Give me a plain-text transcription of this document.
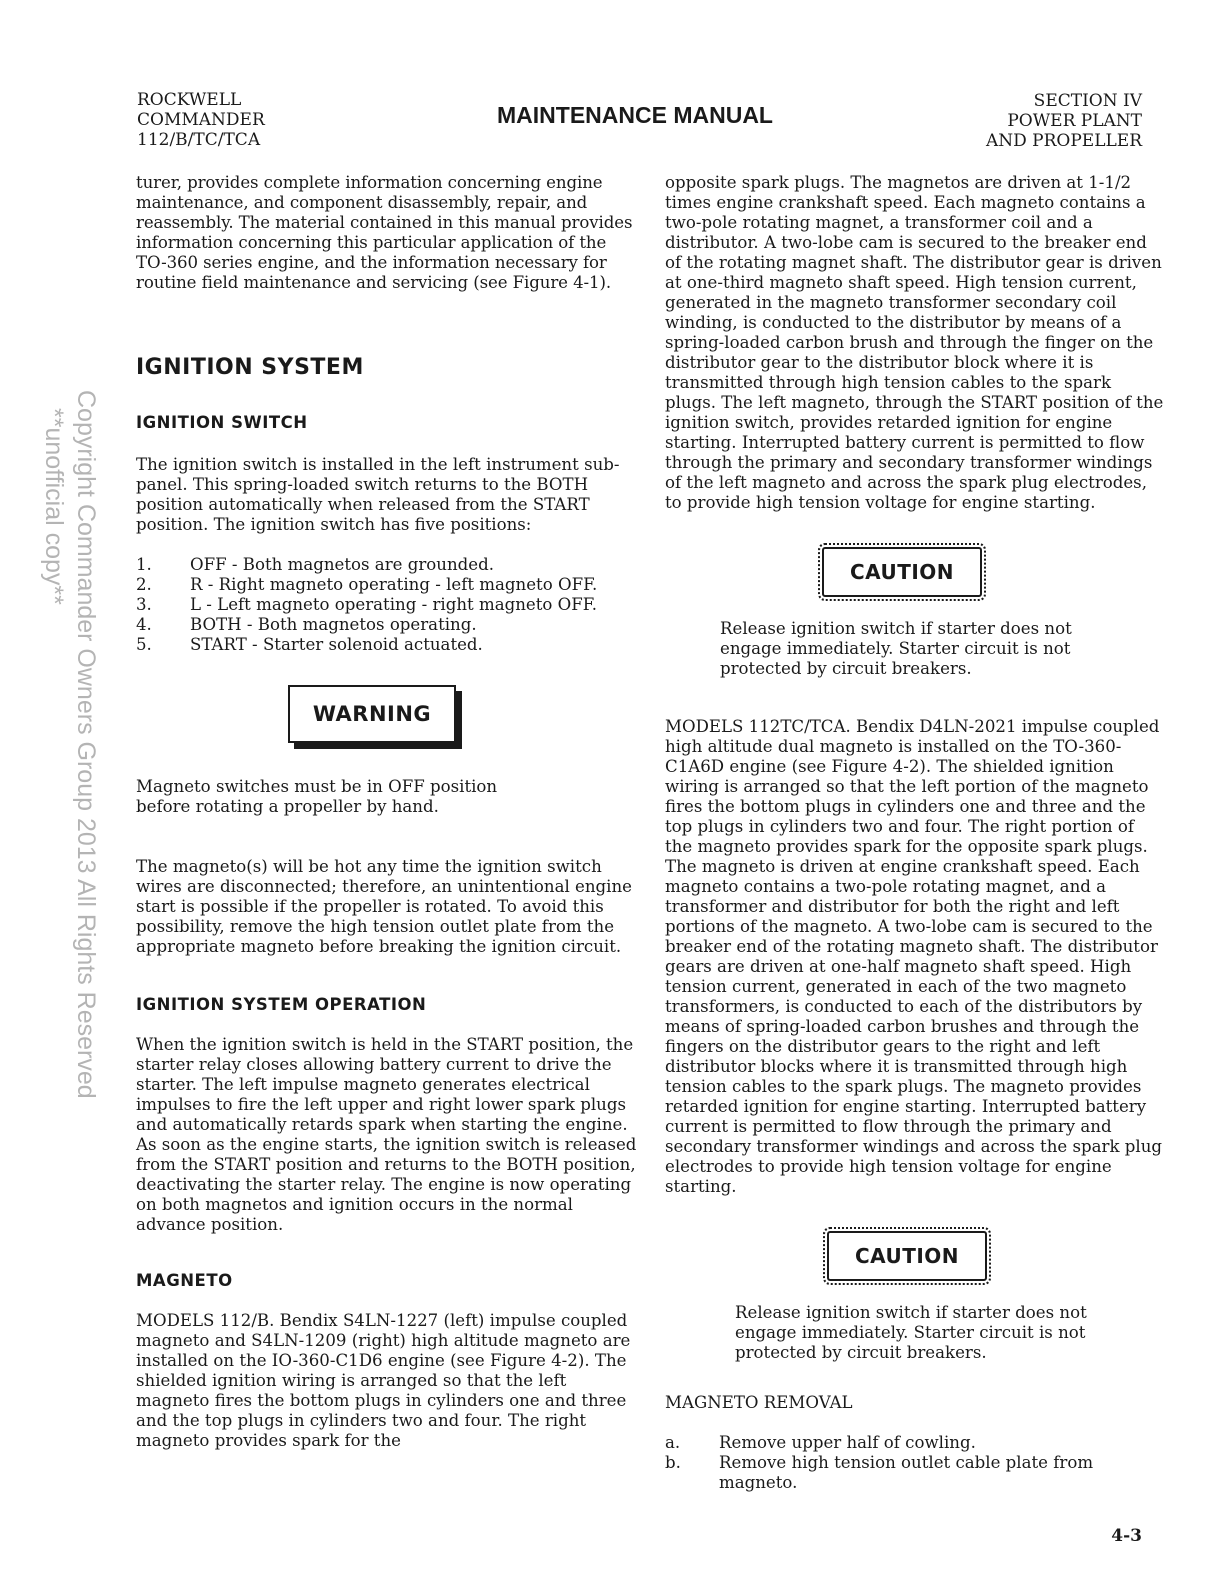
ROCKWELL
COMMANDER
112/B/TC/TCA
MAINTENANCE MANUAL
SECTION IV
POWER PLANT
AND PROPELLER
Copyright Commander Owners Group 2013 All Rights Reserved
**unofficial copy**

turer, provides complete information concerning engine maintenance, and component disassembly, repair, and reassembly. The material contained in this manual provides information concerning this particular application of the TO-360 series engine, and the information necessary for routine field maintenance and servicing (see Figure 4-1).

IGNITION SYSTEM
IGNITION SWITCH

The ignition switch is installed in the left instrument sub-panel. This spring-loaded switch returns to the BOTH position automatically when released from the START position. The ignition switch has five positions:

1.	OFF - Both magnetos are grounded.
2.	R - Right magneto operating - left magneto OFF.
3.	L - Left magneto operating - right magneto OFF.
4.	BOTH - Both magnetos operating.
5.	START - Starter solenoid actuated.
WARNING

Magneto switches must be in OFF position before rotating a propeller by hand.

The magneto(s) will be hot any time the ignition switch wires are disconnected; therefore, an unintentional engine start is possible if the propeller is rotated. To avoid this possibility, remove the high tension outlet plate from the appropriate magneto before breaking the ignition circuit.

IGNITION SYSTEM OPERATION

When the ignition switch is held in the START position, the starter relay closes allowing battery current to drive the starter. The left impulse magneto generates electrical impulses to fire the left upper and right lower spark plugs and automatically retards spark when starting the engine. As soon as the engine starts, the ignition switch is released from the START position and returns to the BOTH position, deactivating the starter relay. The engine is now operating on both magnetos and ignition occurs in the normal advance position.

MAGNETO

MODELS 112/B. Bendix S4LN-1227 (left) impulse coupled magneto and S4LN-1209 (right) high altitude magneto are installed on the IO-360-C1D6 engine (see Figure 4-2). The shielded ignition wiring is arranged so that the left magneto fires the bottom plugs in cylinders one and three and the top plugs in cylinders two and four. The right magneto provides spark for the

opposite spark plugs. The magnetos are driven at 1-1/2 times engine crankshaft speed. Each magneto contains a two-pole rotating magnet, a transformer coil and a distributor. A two-lobe cam is secured to the breaker end of the rotating magnet shaft. The distributor gear is driven at one-third magneto shaft speed. High tension current, generated in the magneto transformer secondary coil winding, is conducted to the distributor by means of a spring-loaded carbon brush and through the finger on the distributor gear to the distributor block where it is transmitted through high tension cables to the spark plugs. The left magneto, through the START position of the ignition switch, provides retarded ignition for engine starting. Interrupted battery current is permitted to flow through the primary and secondary transformer windings of the left magneto and across the spark plug electrodes, to provide high tension voltage for engine starting.

CAUTION

Release ignition switch if starter does not engage immediately. Starter circuit is not protected by circuit breakers.

MODELS 112TC/TCA. Bendix D4LN-2021 impulse coupled high altitude dual magneto is installed on the TO-360-C1A6D engine (see Figure 4-2). The shielded ignition wiring is arranged so that the left portion of the magneto fires the bottom plugs in cylinders one and three and the top plugs in cylinders two and four. The right portion of the magneto provides spark for the opposite spark plugs. The magneto is driven at engine crankshaft speed. Each magneto contains a two-pole rotating magnet, and a transformer and distributor for both the right and left portions of the magneto. A two-lobe cam is secured to the breaker end of the rotating magneto shaft. The distributor gears are driven at one-half magneto shaft speed. High tension current, generated in each of the two magneto transformers, is conducted to each of the distributors by means of spring-loaded carbon brushes and through the fingers on the distributor gears to the right and left distributor blocks where it is transmitted through high tension cables to the spark plugs. The magneto provides retarded ignition for engine starting. Interrupted battery current is permitted to flow through the primary and secondary transformer windings and across the spark plug electrodes to provide high tension voltage for engine starting.

CAUTION

Release ignition switch if starter does not engage immediately. Starter circuit is not protected by circuit breakers.

MAGNETO REMOVAL
a.	Remove upper half of cowling.
b.	Remove high tension outlet cable plate from magneto.
4-3
